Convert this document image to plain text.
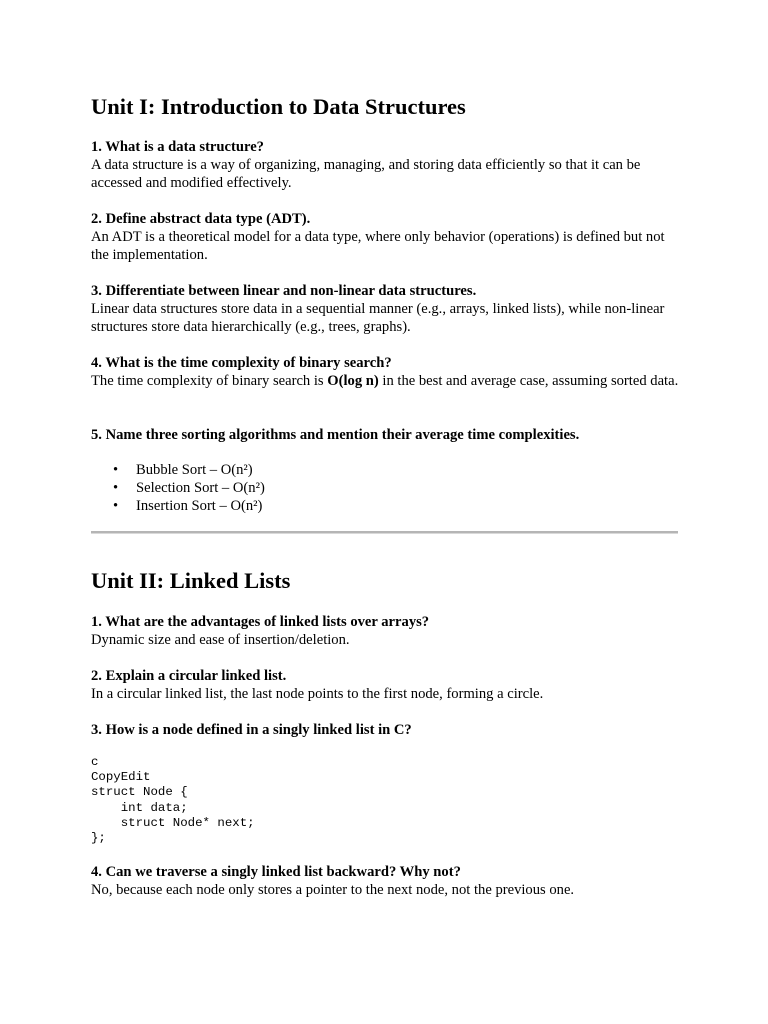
Unit I: Introduction to Data Structures

1. What is a data structure?

A data structure is a way of organizing, managing, and storing data efficiently so that it can be accessed and modified effectively.

2. Define abstract data type (ADT).

An ADT is a theoretical model for a data type, where only behavior (operations) is defined but not the implementation.

3. Differentiate between linear and non-linear data structures.

Linear data structures store data in a sequential manner (e.g., arrays, linked lists), while non-linear structures store data hierarchically (e.g., trees, graphs).

4. What is the time complexity of binary search?

The time complexity of binary search is O(log n) in the best and average case, assuming sorted data.

5. Name three sorting algorithms and mention their average time complexities.

• Bubble Sort – O(n²)
• Selection Sort – O(n²)
• Insertion Sort – O(n²)
Unit II: Linked Lists

1. What are the advantages of linked lists over arrays?

Dynamic size and ease of insertion/deletion.

2. Explain a circular linked list.

In a circular linked list, the last node points to the first node, forming a circle.

3. How is a node defined in a singly linked list in C?

c
CopyEdit
struct Node {
int data;
struct Node* next;
};

4. Can we traverse a singly linked list backward? Why not?

No, because each node only stores a pointer to the next node, not the previous one.
